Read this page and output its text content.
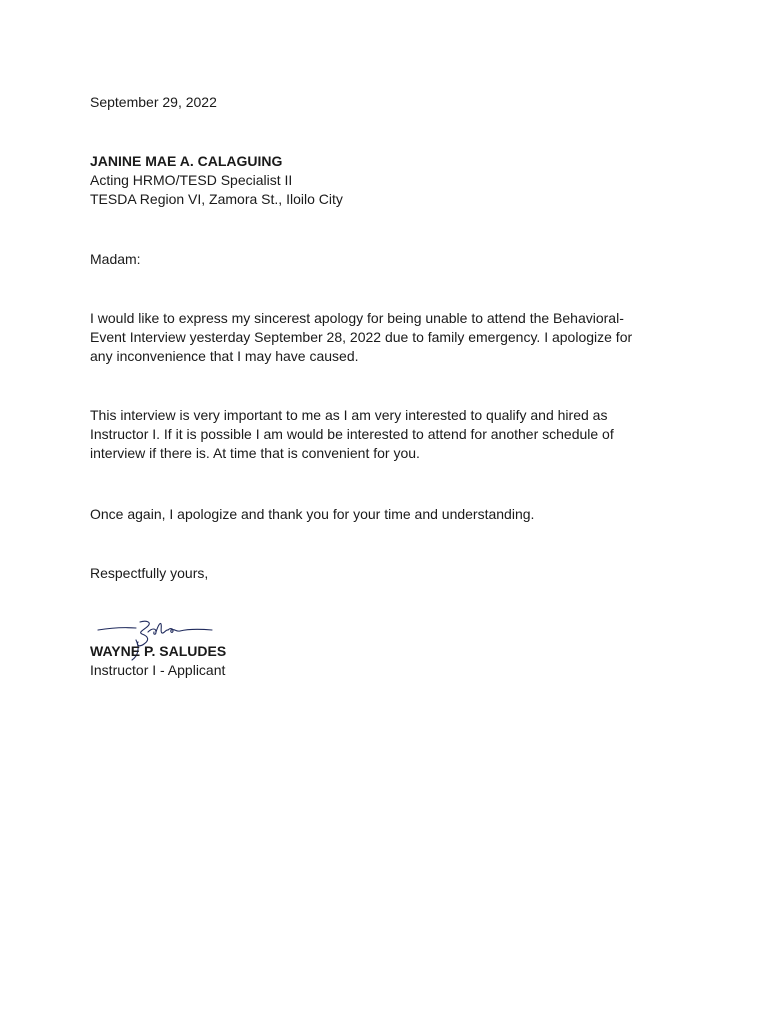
September 29, 2022

JANINE MAE A. CALAGUING

Acting HRMO/TESD Specialist II

TESDA Region VI, Zamora St., Iloilo City

Madam:

I would like to express my sincerest apology for being unable to attend the Behavioral-
Event Interview yesterday September 28, 2022 due to family emergency. I apologize for
any inconvenience that I may have caused.
This interview is very important to me as I am very interested to qualify and hired as
Instructor I. If it is possible I am would be interested to attend for another schedule of
interview if there is. At time that is convenient for you.

Once again, I apologize and thank you for your time and understanding.

Respectfully yours,

WAYNE P. SALUDES

Instructor I - Applicant
